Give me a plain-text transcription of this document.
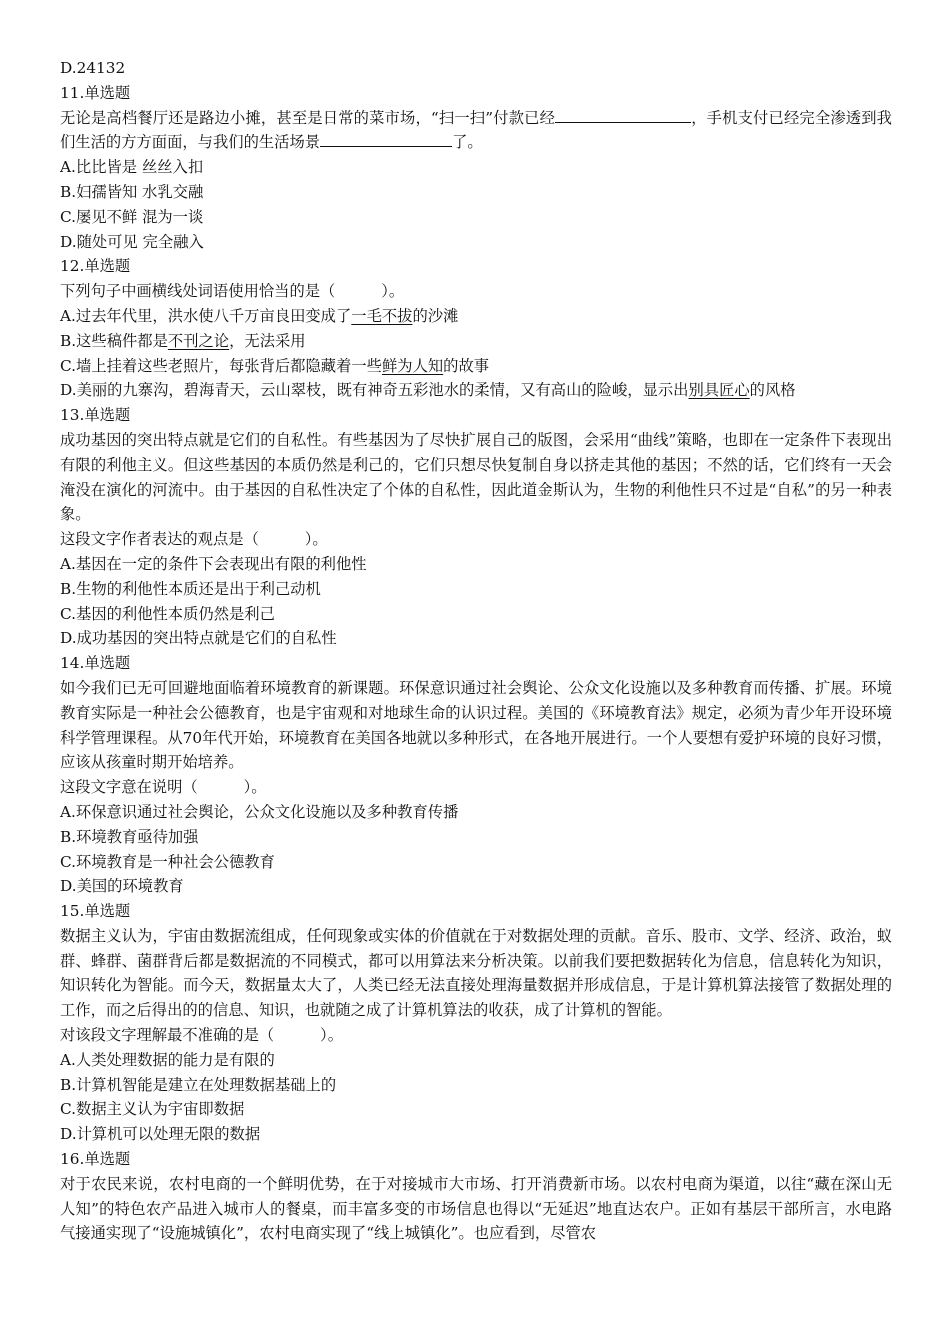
D.24132
11.单选题
无论是高档餐厅还是路边小摊，甚至是日常的菜市场，“扫一扫”付款已经	，手机支付已经完全渗透到我们生活的方方面面，与我们的生活场景	了。
A.比比皆是 丝丝入扣
B.妇孺皆知 水乳交融
C.屡见不鲜 混为一谈
D.随处可见 完全融入
12.单选题
下列句子中画横线处词语使用恰当的是（　　　）。
A.过去年代里，洪水使八千万亩良田变成了一毛不拔的沙滩
B.这些稿件都是不刊之论，无法采用
C.墙上挂着这些老照片，每张背后都隐藏着一些鲜为人知的故事
D.美丽的九寨沟，碧海青天，云山翠枝，既有神奇五彩池水的柔情，又有高山的险峻，显示出别具匠心的风格
13.单选题
成功基因的突出特点就是它们的自私性。有些基因为了尽快扩展自己的版图，会采用“曲线”策略，也即在一定条件下表现出有限的利他主义。但这些基因的本质仍然是利己的，它们只想尽快复制自身以挤走其他的基因；不然的话，它们终有一天会淹没在演化的河流中。由于基因的自私性决定了个体的自私性，因此道金斯认为，生物的利他性只不过是“自私”的另一种表象。
这段文字作者表达的观点是（　　　）。
A.基因在一定的条件下会表现出有限的利他性
B.生物的利他性本质还是出于利己动机
C.基因的利他性本质仍然是利己
D.成功基因的突出特点就是它们的自私性
14.单选题
如今我们已无可回避地面临着环境教育的新课题。环保意识通过社会舆论、公众文化设施以及多种教育而传播、扩展。环境教育实际是一种社会公德教育，也是宇宙观和对地球生命的认识过程。美国的《环境教育法》规定，必须为青少年开设环境科学管理课程。从70年代开始，环境教育在美国各地就以多种形式，在各地开展进行。一个人要想有爱护环境的良好习惯，应该从孩童时期开始培养。
这段文字意在说明（　　　）。
A.环保意识通过社会舆论，公众文化设施以及多种教育传播
B.环境教育亟待加强
C.环境教育是一种社会公德教育
D.美国的环境教育
15.单选题
数据主义认为，宇宙由数据流组成，任何现象或实体的价值就在于对数据处理的贡献。音乐、股市、文学、经济、政治，蚁群、蜂群、菌群背后都是数据流的不同模式，都可以用算法来分析决策。以前我们要把数据转化为信息，信息转化为知识，知识转化为智能。而今天，数据量太大了，人类已经无法直接处理海量数据并形成信息，于是计算机算法接管了数据处理的工作，而之后得出的的信息、知识，也就随之成了计算机算法的收获，成了计算机的智能。
对该段文字理解最不准确的是（　　　）。
A.人类处理数据的能力是有限的
B.计算机智能是建立在处理数据基础上的
C.数据主义认为宇宙即数据
D.计算机可以处理无限的数据
16.单选题
对于农民来说，农村电商的一个鲜明优势，在于对接城市大市场、打开消费新市场。以农村电商为渠道，以往“藏在深山无人知”的特色农产品进入城市人的餐桌，而丰富多变的市场信息也得以“无延迟”地直达农户。正如有基层干部所言，水电路气接通实现了“设施城镇化”，农村电商实现了“线上城镇化”。也应看到，尽管农
